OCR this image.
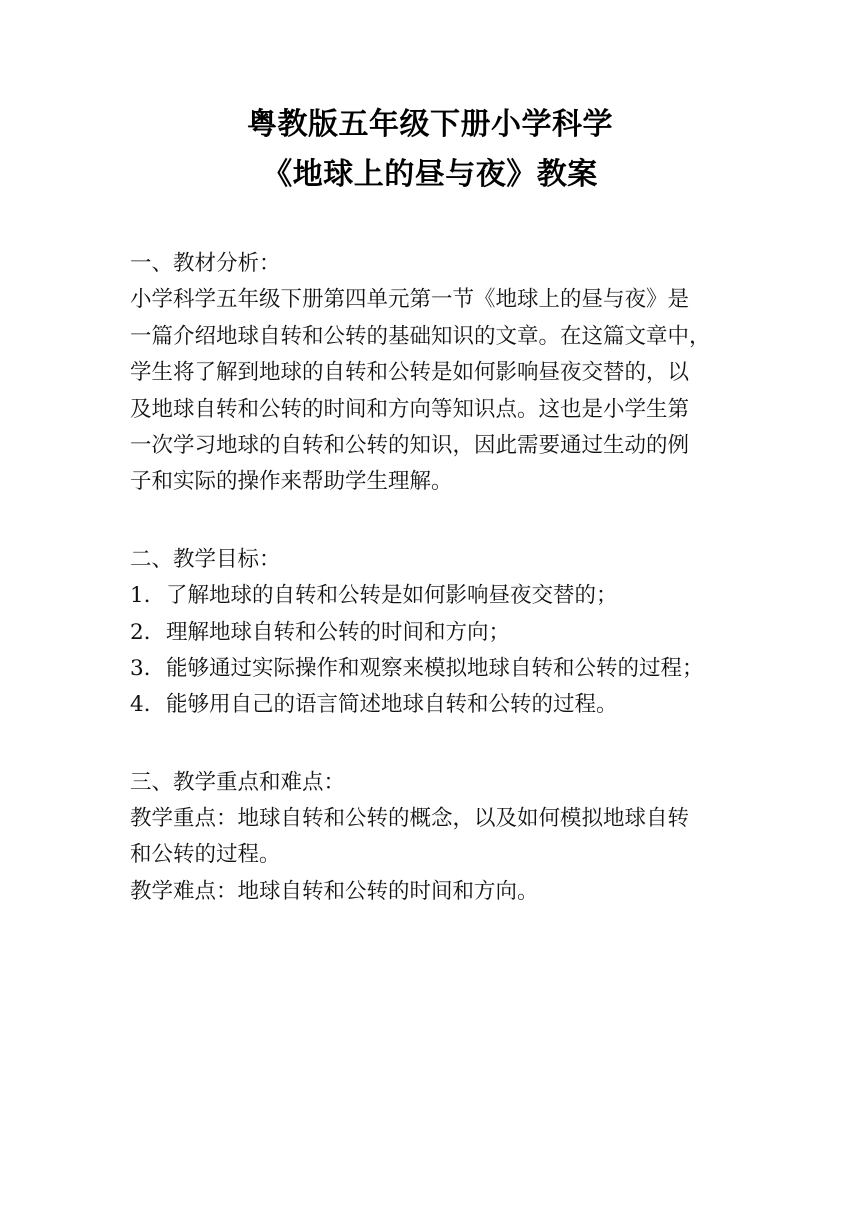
粤教版五年级下册小学科学
《地球上的昼与夜》教案
一、教材分析：
小学科学五年级下册第四单元第一节《地球上的昼与夜》是
一篇介绍地球自转和公转的基础知识的文章。在这篇文章中，
学生将了解到地球的自转和公转是如何影响昼夜交替的，以
及地球自转和公转的时间和方向等知识点。这也是小学生第
一次学习地球的自转和公转的知识，因此需要通过生动的例
子和实际的操作来帮助学生理解。
二、教学目标：
1. 了解地球的自转和公转是如何影响昼夜交替的；
2. 理解地球自转和公转的时间和方向；
3. 能够通过实际操作和观察来模拟地球自转和公转的过程；
4. 能够用自己的语言简述地球自转和公转的过程。
三、教学重点和难点：
教学重点：地球自转和公转的概念，以及如何模拟地球自转
和公转的过程。
教学难点：地球自转和公转的时间和方向。
